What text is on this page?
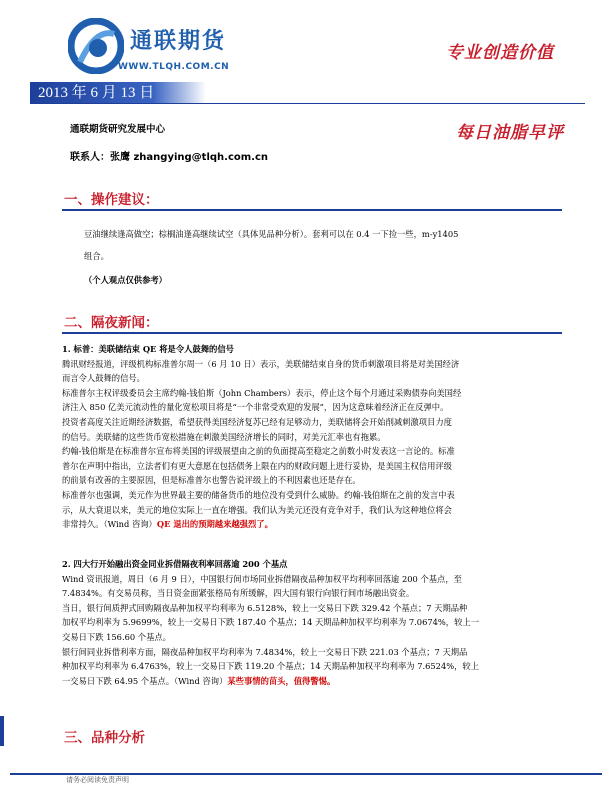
通联期货
WWW.TLQH.COM.CN
专业创造价值
2013 年 6 月 13 日
通联期货研究发展中心
联系人：张鹰 zhangying@tlqh.com.cn
每日油脂早评
一、操作建议：
豆油继续逢高做空；棕榈油逢高继续试空（具体见品种分析）。套利可以在 0.4 一下捡一些，m-y1405
组合。
（个人观点仅供参考）
二、隔夜新闻：
1. 标普：美联储结束 QE 将是令人鼓舞的信号
腾讯财经报道，评级机构标准普尔周一（6 月 10 日）表示，美联储结束自身的货币刺激项目将是对美国经济
而言令人鼓舞的信号。
标准普尔主权评级委员会主席约翰-钱伯斯（John Chambers）表示，停止这个每个月通过采购债券向美国经
济注入 850 亿美元流动性的量化宽松项目将是“一个非常受欢迎的发展”，因为这意味着经济正在反弹中。
投资者高度关注近期经济数据，希望获得美国经济复苏已经有足够动力，美联储将会开始削减刺激项目力度
的信号。美联储的这些货币宽松措施在刺激美国经济增长的同时，对美元汇率也有拖累。
约翰-钱伯斯是在标准普尔宣布将美国的评级展望由之前的负面提高至稳定之前数小时发表这一言论的。标准
普尔在声明中指出，立法者们有更大意愿在包括债务上限在内的财政问题上进行妥协，是美国主权信用评级
的前景有改善的主要原因，但是标准普尔也警告说评级上的不利因素也还是存在。
标准普尔也强调，美元作为世界最主要的储备货币的地位没有受到什么威胁。约翰-钱伯斯在之前的发言中表
示，从大衰退以来，美元的地位实际上一直在增强。我们认为美元还没有竞争对手，我们认为这种地位将会
非常持久。（Wind 咨询）QE 退出的预期越来越强烈了。
2. 四大行开始融出资金同业拆借隔夜利率回落逾 200 个基点
Wind 资讯报道，周日（6 月 9 日），中国银行间市场同业拆借隔夜品种加权平均利率回落逾 200 个基点，至
7.4834%。有交易员称，当日资金面紧张格局有所缓解，四大国有银行向银行间市场融出资金。
当日，银行间质押式回购隔夜品种加权平均利率为 6.5128%，较上一交易日下跌 329.42 个基点；7 天期品种
加权平均利率为 5.9699%，较上一交易日下跌 187.40 个基点；14 天期品种加权平均利率为 7.0674%，较上一
交易日下跌 156.60 个基点。
银行间同业拆借利率方面，隔夜品种加权平均利率为 7.4834%，较上一交易日下跌 221.03 个基点；7 天期品
种加权平均利率为 6.4763%，较上一交易日下跌 119.20 个基点；14 天期品种加权平均利率为 7.6524%，较上
一交易日下跌 64.95 个基点。（Wind 咨询）某些事情的苗头，值得警惕。
三、品种分析
请务必阅读免责声明
